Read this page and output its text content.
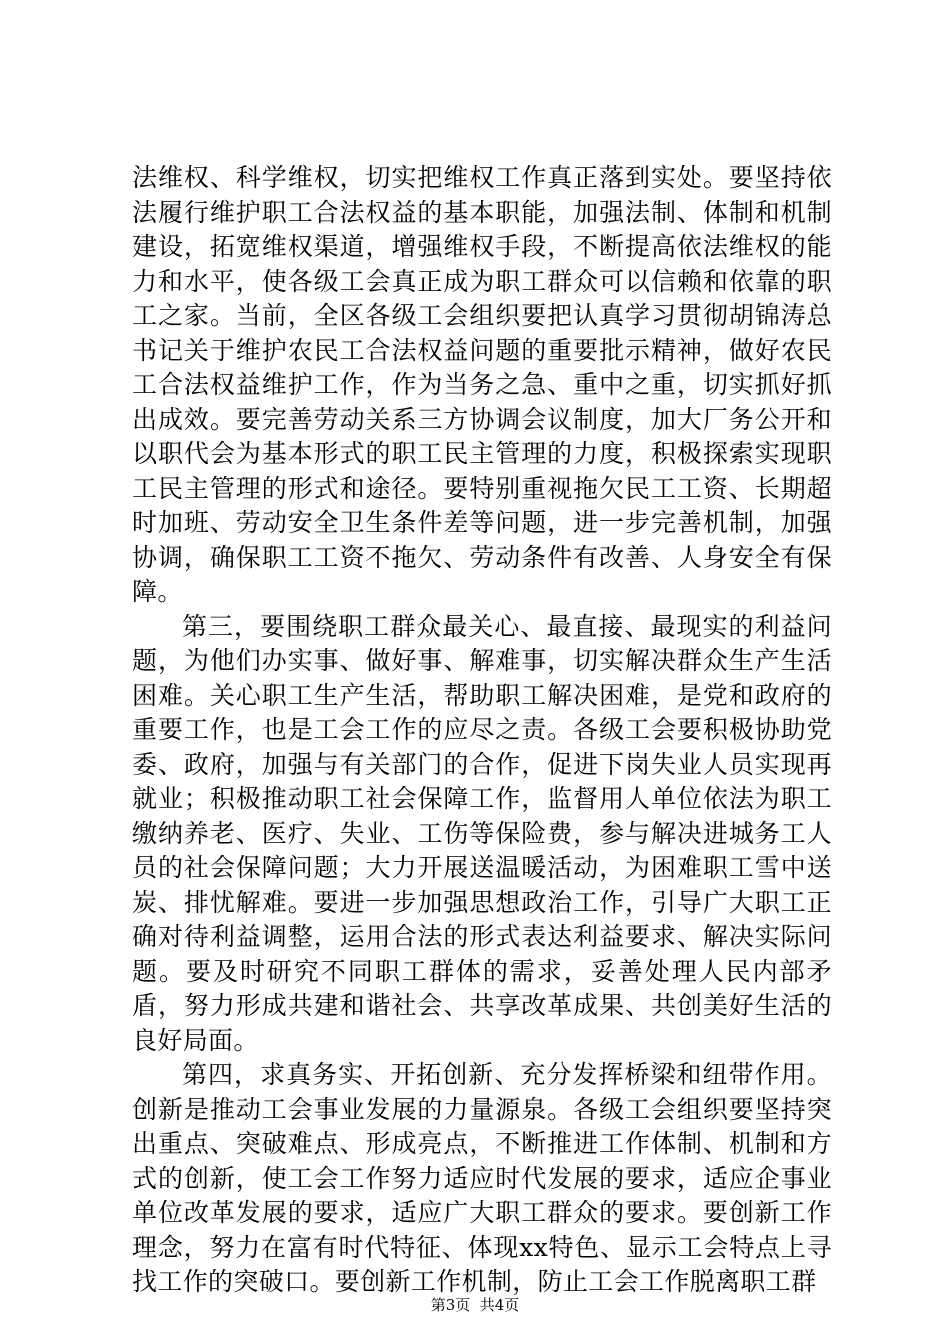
法维权、科学维权，切实把维权工作真正落到实处。要坚持依法履行维护职工合法权益的基本职能，加强法制、体制和机制建设，拓宽维权渠道，增强维权手段，不断提高依法维权的能力和水平，使各级工会真正成为职工群众可以信赖和依靠的职工之家。当前，全区各级工会组织要把认真学习贯彻胡锦涛总书记关于维护农民工合法权益问题的重要批示精神，做好农民工合法权益维护工作，作为当务之急、重中之重，切实抓好抓出成效。要完善劳动关系三方协调会议制度，加大厂务公开和以职代会为基本形式的职工民主管理的力度，积极探索实现职工民主管理的形式和途径。要特别重视拖欠民工工资、长期超时加班、劳动安全卫生条件差等问题，进一步完善机制，加强协调，确保职工工资不拖欠、劳动条件有改善、人身安全有保障。

第三，要围绕职工群众最关心、最直接、最现实的利益问题，为他们办实事、做好事、解难事，切实解决群众生产生活困难。关心职工生产生活，帮助职工解决困难，是党和政府的重要工作，也是工会工作的应尽之责。各级工会要积极协助党委、政府，加强与有关部门的合作，促进下岗失业人员实现再就业；积极推动职工社会保障工作，监督用人单位依法为职工缴纳养老、医疗、失业、工伤等保险费，参与解决进城务工人员的社会保障问题；大力开展送温暖活动，为困难职工雪中送炭、排忧解难。要进一步加强思想政治工作，引导广大职工正确对待利益调整，运用合法的形式表达利益要求、解决实际问题。要及时研究不同职工群体的需求，妥善处理人民内部矛盾，努力形成共建和谐社会、共享改革成果、共创美好生活的良好局面。

第四，求真务实、开拓创新、充分发挥桥梁和纽带作用。创新是推动工会事业发展的力量源泉。各级工会组织要坚持突出重点、突破难点、形成亮点，不断推进工作体制、机制和方式的创新，使工会工作努力适应时代发展的要求，适应企事业单位改革发展的要求，适应广大职工群众的要求。要创新工作理念，努力在富有时代特征、体现xx特色、显示工会特点上寻找工作的突破口。要创新工作机制，防止工会工作脱离职工群

第3页  共4页
